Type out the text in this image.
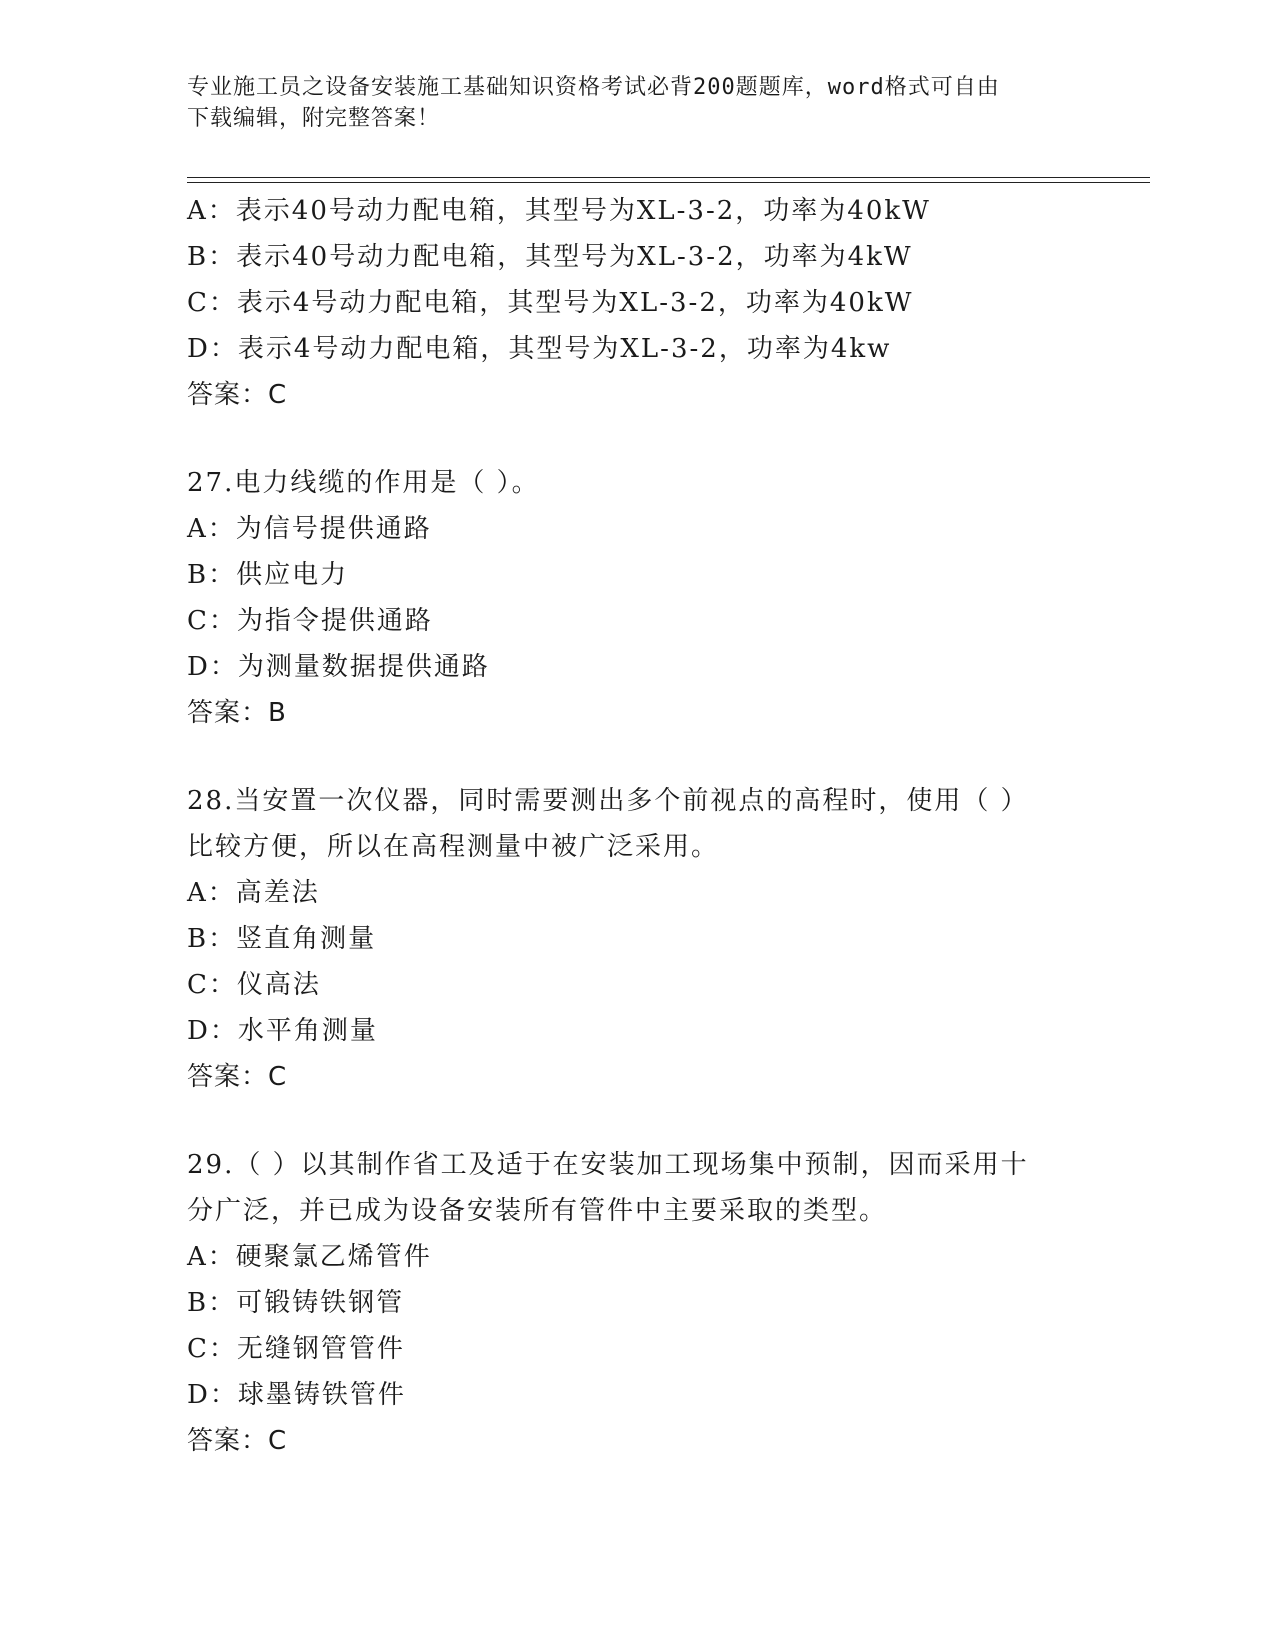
专业施工员之设备安装施工基础知识资格考试必背200题题库，word格式可自由
下载编辑，附完整答案！
A：表示40号动力配电箱，其型号为XL-3-2，功率为40kW
B：表示40号动力配电箱，其型号为XL-3-2，功率为4kW
C：表示4号动力配电箱，其型号为XL-3-2，功率为40kW
D：表示4号动力配电箱，其型号为XL-3-2，功率为4kw
答案：C
27.电力线缆的作用是（ ）。
A：为信号提供通路
B：供应电力
C：为指令提供通路
D：为测量数据提供通路
答案：B
28.当安置一次仪器，同时需要测出多个前视点的高程时，使用（ ）
比较方便，所以在高程测量中被广泛采用。
A：高差法
B：竖直角测量
C：仪高法
D：水平角测量
答案：C
29.（ ）以其制作省工及适于在安装加工现场集中预制，因而采用十
分广泛，并已成为设备安装所有管件中主要采取的类型。
A：硬聚氯乙烯管件
B：可锻铸铁钢管
C：无缝钢管管件
D：球墨铸铁管件
答案：C
